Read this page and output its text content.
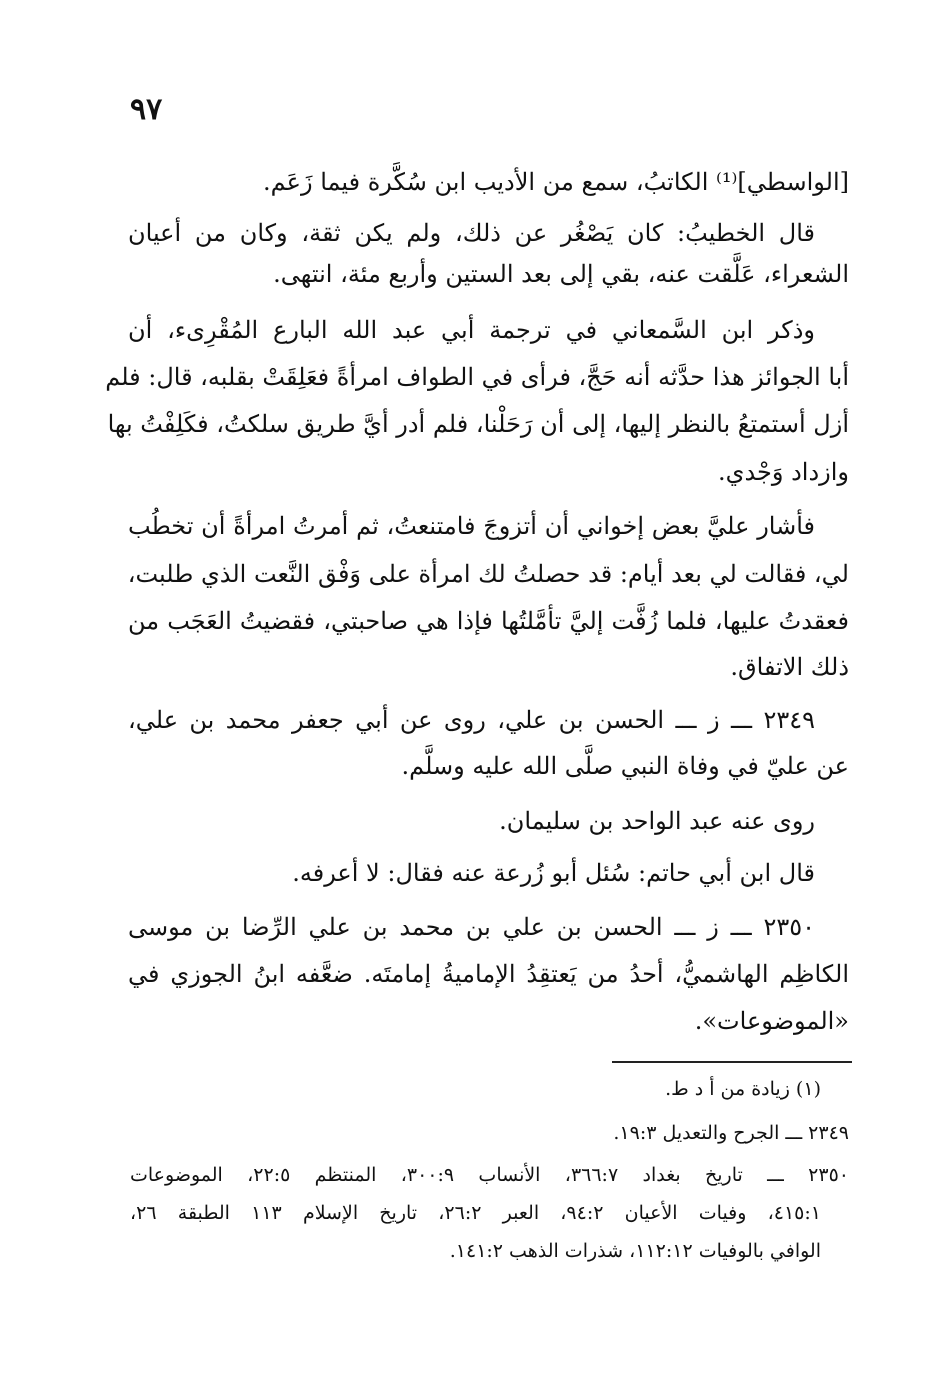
٩٧
[الواسطي]⁽¹⁾ الكاتبُ، سمع من الأديب ابن سُكَّرة فيما زَعَم.
قال الخطيبُ: كان يَصْغُر عن ذلك، ولم يكن ثقة، وكان من أعيان
الشعراء، عَلَّقت عنه، بقي إلى بعد الستين وأربع مئة، انتهى.
وذكر ابن السَّمعاني في ترجمة أبي عبد الله البارع المُقْرِىء، أن
أبا الجوائز هذا حدَّثه أنه حَجَّ، فرأى في الطواف امرأةً فعَلِقَتْ بقلبه، قال: فلم
أزل أستمتعُ بالنظر إليها، إلى أن رَحَلْنا، فلم أدر أيَّ طريق سلكتُ، فكَلِفْتُ بها
وازداد وَجْدي.
فأشار عليَّ بعض إخواني أن أتزوجَ فامتنعتُ، ثم أمرتُ امرأةً أن تخطُب
لي، فقالت لي بعد أيام: قد حصلتُ لك امرأة على وَفْق النَّعت الذي طلبت،
فعقدتُ عليها، فلما زُفَّت إليَّ تأمَّلتُها فإذا هي صاحبتي، فقضيتُ العَجَب من
ذلك الاتفاق.
٢٣٤٩ ـــ ز ـــ الحسن بن علي، روى عن أبي جعفر محمد بن علي،
عن عليّ في وفاة النبي صلَّى الله عليه وسلَّم.
روى عنه عبد الواحد بن سليمان.
قال ابن أبي حاتم: سُئل أبو زُرعة عنه فقال: لا أعرفه.
٢٣٥٠ ـــ ز ـــ الحسن بن علي بن محمد بن علي الرِّضا بن موسى
الكاظِم الهاشميُّ، أحدُ من يَعتقِدُ الإماميةُ إمامتَه. ضعَّفه ابنُ الجوزي في
«الموضوعات».
(١) زيادة من أ د ط.
٢٣٤٩ ـــ الجرح والتعديل ١٩:٣.
٢٣٥٠ ـــ تاريخ بغداد ٣٦٦:٧، الأنساب ٣٠٠:٩، المنتظم ٢٢:٥، الموضوعات
٤١٥:١، وفيات الأعيان ٩٤:٢، العبر ٢٦:٢، تاريخ الإسلام ١١٣ الطبقة ٢٦،
الوافي بالوفيات ١١٢:١٢، شذرات الذهب ١٤١:٢.
